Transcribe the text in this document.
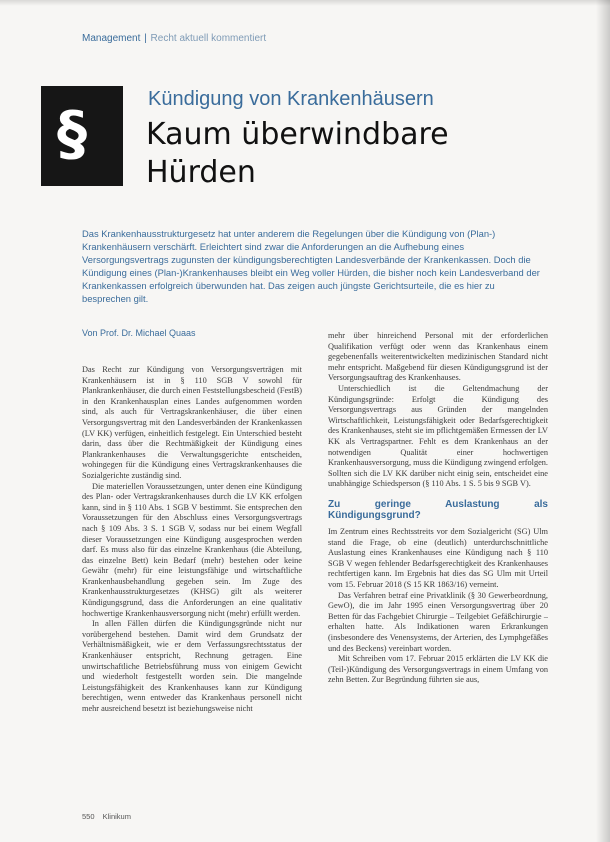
Management | Recht aktuell kommentiert
§	Kündigung von Krankenhäusern
Kaum überwindbare
Hürden

Das Krankenhausstrukturgesetz hat unter anderem die Regelungen über die Kündigung von (Plan-) Krankenhäusern verschärft. Erleichtert sind zwar die Anforderungen an die Aufhebung eines Versorgungsvertrags zugunsten der kündigungsberechtigten Landesverbände der Krankenkassen. Doch die Kündigung eines (Plan-)Krankenhauses bleibt ein Weg voller Hürden, die bisher noch kein Landesverband der Krankenkassen erfolgreich überwunden hat. Das zeigen auch jüngste Gerichtsurteile, die es hier zu besprechen gilt.

Von Prof. Dr. Michael Quaas

Das Recht zur Kündigung von Versorgungsverträgen mit Krankenhäusern ist in § 110 SGB V sowohl für Plankrankenhäuser, die durch einen Feststellungsbescheid (FestB) in den Krankenhausplan eines Landes aufgenommen worden sind, als auch für Vertragskrankenhäuser, die über einen Versorgungsvertrag mit den Landesverbänden der Krankenkassen (LV KK) verfügen, einheitlich festgelegt. Ein Unterschied besteht darin, dass über die Rechtmäßigkeit der Kündigung eines Plankrankenhauses die Verwaltungsgerichte entscheiden, wohingegen für die Kündigung eines Vertragskrankenhauses die Sozialgerichte zuständig sind.

Die materiellen Voraussetzungen, unter denen eine Kündigung des Plan- oder Vertragskrankenhauses durch die LV KK erfolgen kann, sind in § 110 Abs. 1 SGB V bestimmt. Sie entsprechen den Voraussetzungen für den Abschluss eines Versorgungsvertrags nach § 109 Abs. 3 S. 1 SGB V, sodass nur bei einem Wegfall dieser Voraussetzungen eine Kündigung ausgesprochen werden darf. Es muss also für das einzelne Krankenhaus (die Abteilung, das einzelne Bett) kein Bedarf (mehr) bestehen oder keine Gewähr (mehr) für eine leistungsfähige und wirtschaftliche Krankenhausbehandlung gegeben sein. Im Zuge des Krankenhausstrukturgesetzes (KHSG) gilt als weiterer Kündigungsgrund, dass die Anforderungen an eine qualitativ hochwertige Krankenhausversorgung nicht (mehr) erfüllt werden.

In allen Fällen dürfen die Kündigungsgründe nicht nur vorübergehend bestehen. Damit wird dem Grundsatz der Verhältnismäßigkeit, wie er dem Verfassungsrechtsstatus der Krankenhäuser entspricht, Rechnung getragen. Eine unwirtschaftliche Betriebsführung muss von einigem Gewicht und wiederholt festgestellt worden sein. Die mangelnde Leistungsfähigkeit des Krankenhauses kann zur Kündigung berechtigen, wenn entweder das Krankenhaus personell nicht mehr ausreichend besetzt ist beziehungsweise nicht

mehr über hinreichend Personal mit der erforderlichen Qualifikation verfügt oder wenn das Krankenhaus einem gegebenenfalls weiterentwickelten medizinischen Standard nicht mehr entspricht. Maßgebend für diesen Kündigungsgrund ist der Versorgungsauftrag des Krankenhauses.

Unterschiedlich ist die Geltendmachung der Kündigungsgründe: Erfolgt die Kündigung des Versorgungsvertrags aus Gründen der mangelnden Wirtschaftlichkeit, Leistungsfähigkeit oder Bedarfsgerechtigkeit des Krankenhauses, steht sie im pflichtgemäßen Ermessen der LV KK als Vertragspartner. Fehlt es dem Krankenhaus an der notwendigen Qualität einer hochwertigen Krankenhausversorgung, muss die Kündigung zwingend erfolgen. Sollten sich die LV KK darüber nicht einig sein, entscheidet eine unabhängige Schiedsperson (§ 110 Abs. 1 S. 5 bis 9 SGB V).

Zu geringe Auslastung als Kündigungsgrund?

Im Zentrum eines Rechtsstreits vor dem Sozialgericht (SG) Ulm stand die Frage, ob eine (deutlich) unterdurchschnittliche Auslastung eines Krankenhauses eine Kündigung nach § 110 SGB V wegen fehlender Bedarfsgerechtigkeit des Krankenhauses rechtfertigen kann. Im Ergebnis hat dies das SG Ulm mit Urteil vom 15. Februar 2018 (S 15 KR 1863/16) verneint.

Das Verfahren betraf eine Privatklinik (§ 30 Gewerbeordnung, GewO), die im Jahr 1995 einen Versorgungsvertrag über 20 Betten für das Fachgebiet Chirurgie – Teilgebiet Gefäßchirurgie – erhalten hatte. Als Indikationen waren Erkrankungen (insbesondere des Venensystems, der Arterien, des Lymphgefäßes und des Beckens) vereinbart worden.

Mit Schreiben vom 17. Februar 2015 erklärten die LV KK die (Teil-)Kündigung des Versorgungsvertrags in einem Umfang von zehn Betten. Zur Begründung führten sie aus,

550 Klinikum
